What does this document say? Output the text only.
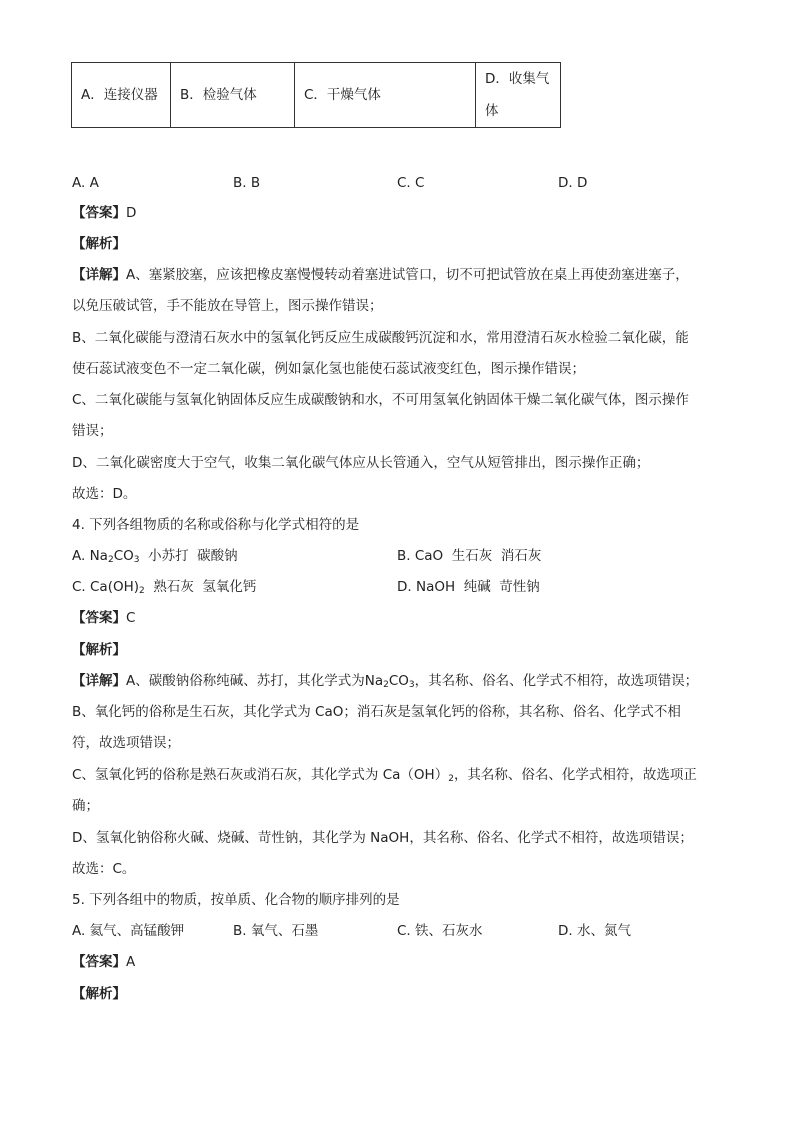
A．连接仪器	B．检验气体	C．干燥气体	D．收集气体
A. A	B. B	C. C	D. D
【答案】D
【解析】
【详解】A、塞紧胶塞，应该把橡皮塞慢慢转动着塞进试管口，切不可把试管放在桌上再使劲塞进塞子，
以免压破试管，手不能放在导管上，图示操作错误；
B、二氧化碳能与澄清石灰水中的氢氧化钙反应生成碳酸钙沉淀和水，常用澄清石灰水检验二氧化碳，能
使石蕊试液变色不一定二氧化碳，例如氯化氢也能使石蕊试液变红色，图示操作错误；
C、二氧化碳能与氢氧化钠固体反应生成碳酸钠和水，不可用氢氧化钠固体干燥二氧化碳气体，图示操作
错误；
D、二氧化碳密度大于空气，收集二氧化碳气体应从长管通入，空气从短管排出，图示操作正确；
故选：D。
4. 下列各组物质的名称或俗称与化学式相符的是
A. $Na_2CO_3$  小苏打  碳酸钠	B. CaO  生石灰  消石灰
C. $Ca(OH)_2$  熟石灰  氢氧化钙	D. NaOH  纯碱  苛性钠
【答案】C
【解析】
【详解】A、碳酸钠俗称纯碱、苏打，其化学式为$Na_2CO_3$，其名称、俗名、化学式不相符，故选项错误；
B、氧化钙的俗称是生石灰，其化学式为 CaO；消石灰是氢氧化钙的俗称，其名称、俗名、化学式不相
符，故选项错误；
C、氢氧化钙的俗称是熟石灰或消石灰，其化学式为 $Ca(OH)_2$，其名称、俗名、化学式相符，故选项正
确；
D、氢氧化钠俗称火碱、烧碱、苛性钠，其化学为 NaOH，其名称、俗名、化学式不相符，故选项错误；
故选：C。
5. 下列各组中的物质，按单质、化合物的顺序排列的是
A. 氦气、高锰酸钾	B. 氧气、石墨	C. 铁、石灰水	D. 水、氮气
【答案】A
【解析】
